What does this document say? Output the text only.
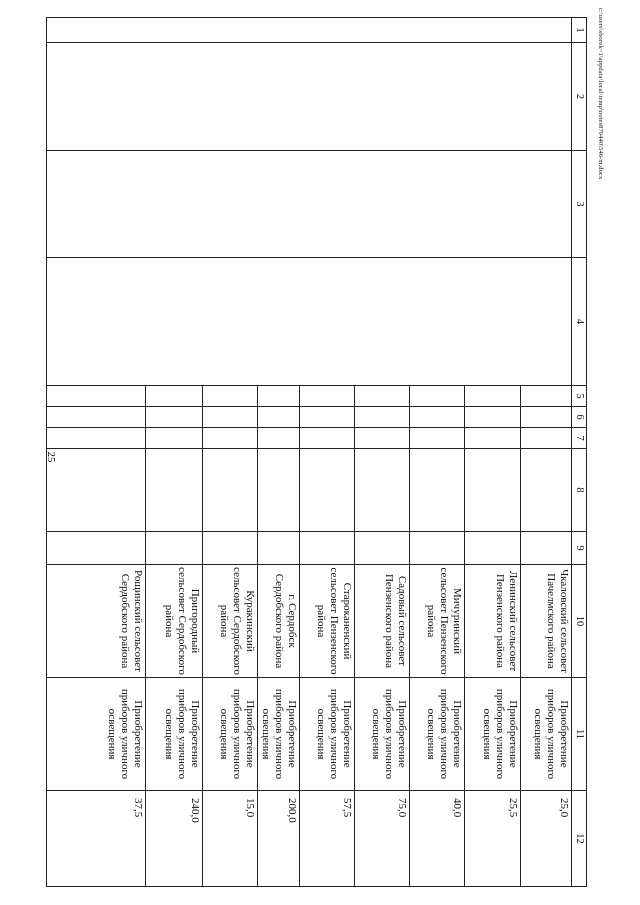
25
c:\users\sborok~1\appdata\local\temp\notes879440\546-m.docx
1	2	3	4	5	6	7	8	9	10	11	12
									Чкаловский сельсовет Пачелмского района	Приобретение приборов уличного освещения	25,0
									Ленинский сельсовет Пензенского района	Приобретение приборов уличного освещения	25,5
									Мичуринский сельсовет Пензенского района	Приобретение приборов уличного освещения	40,0
									Садовый сельсовет Пензенского района	Приобретение приборов уличного освещения	75,0
									Староканенский сельсовет Пензенского района	Приобретение приборов уличного освещения	57,5
									г. Сердобск Сердобского района	Приобретение приборов уличного освещения	200,0
									Куракинский сельсовет Сердобского района	Приобретение приборов уличного освещения	15,0
									Пригородный сельсовет Сердобского района	Приобретение приборов уличного освещения	240,0
									Рощинский сельсовет Сердобского района	Приобретение приборов уличного освещения	37,5
